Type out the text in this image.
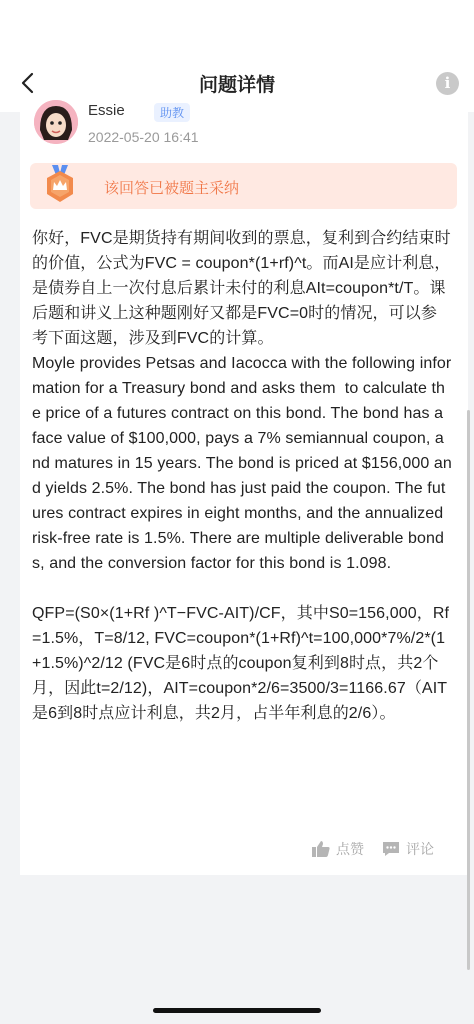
问题详情	i
Essie	助教
2022-05-20 16:41
该回答已被题主采纳
你好，FVC是期货持有期间收到的票息，复利到合约结束时的价值，公式为FVC = coupon*(1+rf)^t。而AI是应计利息，是债券自上一次付息后累计未付的利息AIt=coupon*t/T。课后题和讲义上这种题刚好又都是FVC=0时的情况，可以参考下面这题，涉及到FVC的计算。
Moyle provides Petsas and Iacocca with the following information for a Treasury bond and asks them  to calculate the price of a futures contract on this bond. The bond has a face value of $100,000, pays a 7% semiannual coupon, and matures in 15 years. The bond is priced at $156,000 and yields 2.5%. The bond has just paid the coupon. The futures contract expires in eight months, and the annualized risk-free rate is 1.5%. There are multiple deliverable bonds, and the conversion factor for this bond is 1.098.

QFP=(S0×(1+Rf )^T−FVC-AIT)/CF，其中S0=156,000，Rf=1.5%，T=8/12, FVC=coupon*(1+Rf)^t=100,000*7%/2*(1+1.5%)^2/12 (FVC是6时点的coupon复利到8时点，共2个月，因此t=2/12)，AIT=coupon*2/6=3500/3=1166.67（AIT是6到8时点应计利息，共2月，占半年利息的2/6）。
点赞	评论
